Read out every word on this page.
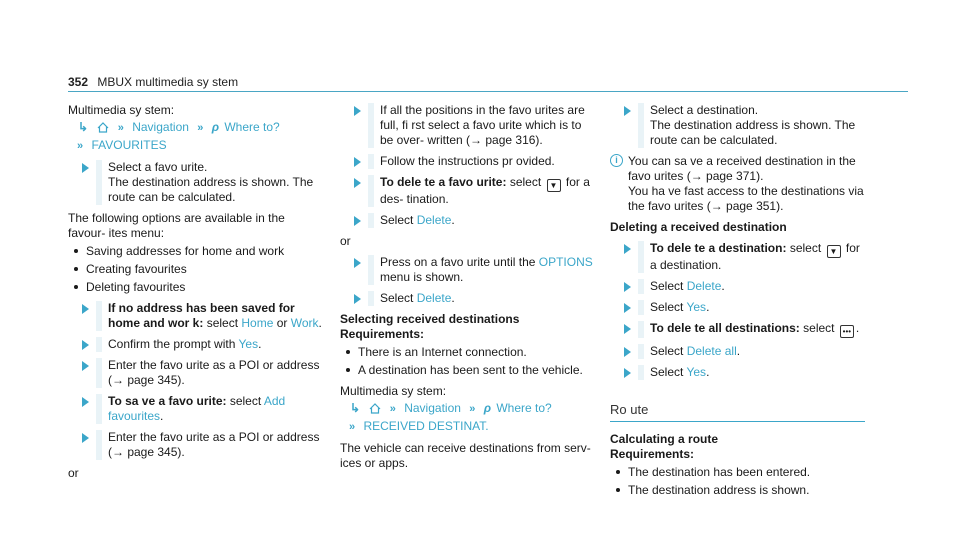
352 MBUX multimedia sy stem
Multimedia sy stem:
↳	» Navigation » ρ Where to?
» FAVOURITES
Select a favo urite.
The destination address is shown. The route can be calculated.
The following options are available in the favour‐ ites menu:
Saving addresses for home and work
Creating favourites
Deleting favourites
If no address has been saved for home and wor k: select Home or Work.
Confirm the prompt with Yes.
Enter the favo urite as a POI or address
(→ page 345).
To sa ve a favo urite: select Add favourites.
Enter the favo urite as a POI or address
(→ page 345).
or
If all the positions in the favo urites are full, fi rst select a favo urite which is to be over‐ written (→ page 316).
Follow the instructions pr ovided.
To dele te a favo urite: select ▼ for a des‐ tination.
Select Delete.
or
Press on a favo urite until the OPTIONS menu is shown.
Select Delete.
Selecting received destinations
Requirements:
There is an Internet connection.
A destination has been sent to the vehicle.
Multimedia sy stem:
↳	» Navigation » ρ Where to?
» RECEIVED DESTINAT.
The vehicle can receive destinations from serv‐ ices or apps.
Select a destination.
The destination address is shown. The route can be calculated.
i You can sa ve a received destination in the favo urites (→ page 371).
You ha ve fast access to the destinations via the favo urites (→ page 351).
Deleting a received destination
To dele te a destination: select ▼ for a destination.
Select Delete.
Select Yes.
To dele te all destinations: select ••• .
Select Delete all.
Select Yes.
Ro ute
Calculating a route
Requirements:
The destination has been entered.
The destination address is shown.
